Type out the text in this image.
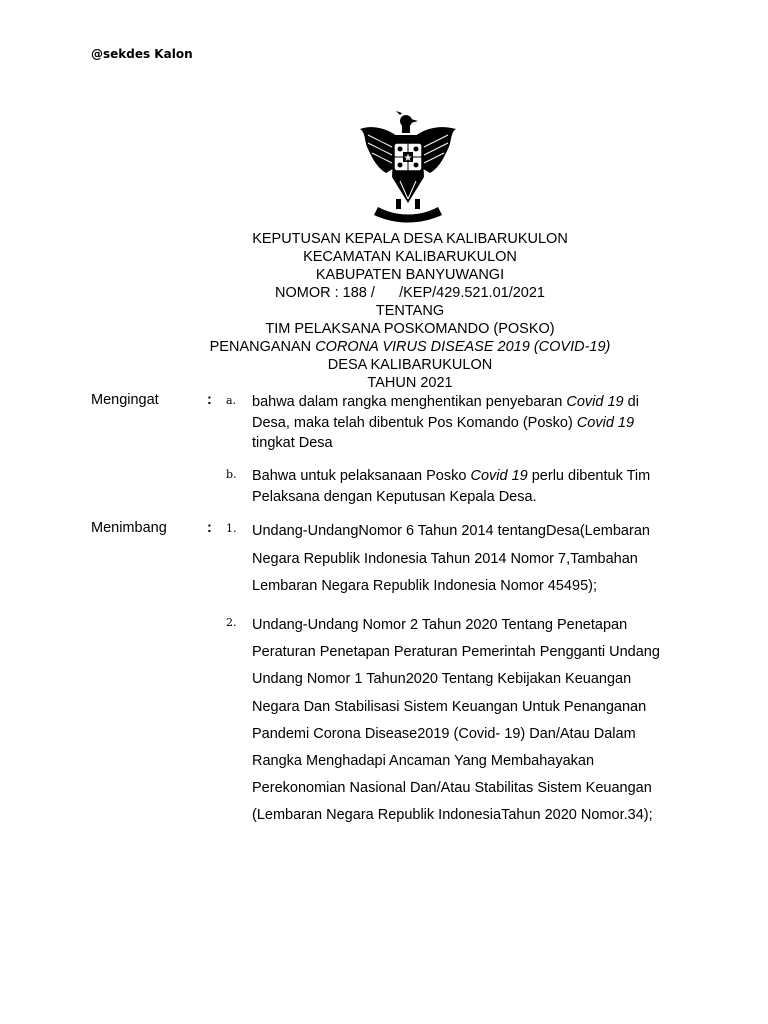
@sekdes Kalon
KEPUTUSAN KEPALA DESA KALIBARUKULON
KECAMATAN KALIBARUKULON
KABUPATEN BANYUWANGI
NOMOR : 188 /      /KEP/429.521.01/2021
TENTANG
TIM PELAKSANA POSKOMANDO (POSKO)
PENANGANAN CORONA VIRUS DISEASE 2019 (COVID-19)
DESA KALIBARUKULON
TAHUN 2021
Mengingat	: a. bahwa dalam rangka menghentikan penyebaran Covid 19 di
Desa, maka telah dibentuk Pos Komando (Posko) Covid 19
tingkat Desa
b. Bahwa untuk pelaksanaan Posko Covid 19 perlu dibentuk Tim
Pelaksana dengan Keputusan Kepala Desa.
Menimbang	: 1. Undang-UndangNomor 6 Tahun 2014 tentangDesa(Lembaran
Negara Republik Indonesia Tahun 2014 Nomor 7,Tambahan
Lembaran Negara Republik Indonesia Nomor 45495);
2. Undang-Undang Nomor 2 Tahun 2020 Tentang Penetapan
Peraturan Penetapan Peraturan Pemerintah Pengganti Undang
Undang Nomor 1 Tahun2020 Tentang Kebijakan Keuangan
Negara Dan Stabilisasi Sistem Keuangan Untuk Penanganan
Pandemi Corona Disease2019 (Covid- 19) Dan/Atau Dalam
Rangka Menghadapi Ancaman Yang Membahayakan
Perekonomian Nasional Dan/Atau Stabilitas Sistem Keuangan
(Lembaran Negara Republik IndonesiaTahun 2020 Nomor.34);
